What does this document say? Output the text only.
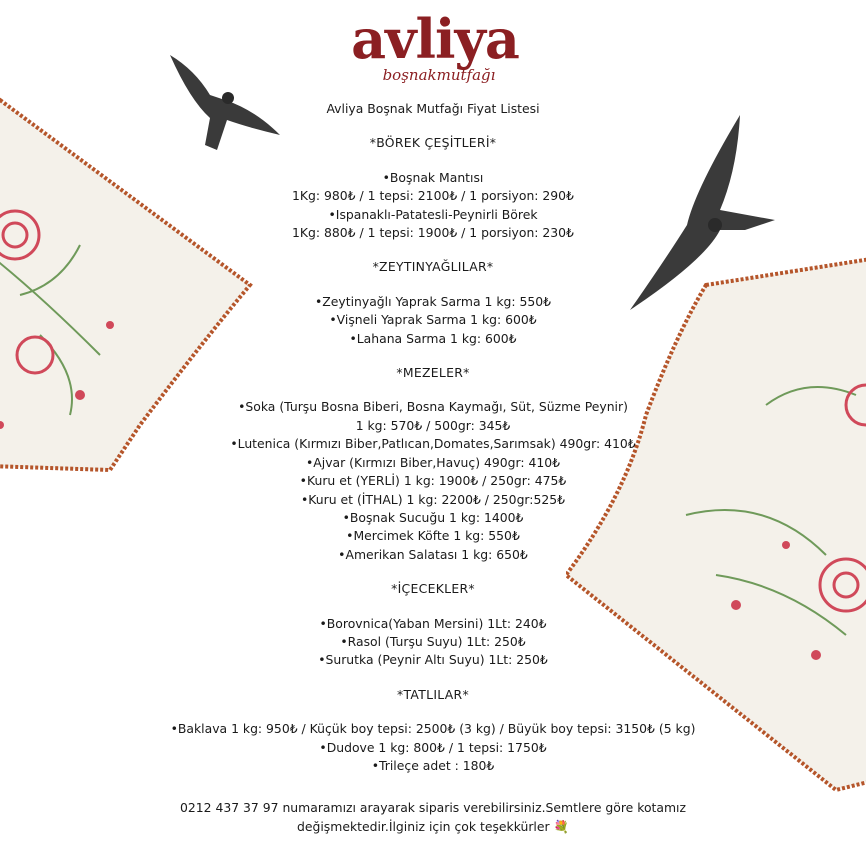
avliya
boşnakmutfağı
Avliya Boşnak Mutfağı Fiyat Listesi
*BÖREK ÇEŞİTLERİ*
•Boşnak Mantısı
1Kg: 980₺ / 1 tepsi: 2100₺ / 1 porsiyon: 290₺
•Ispanaklı-Patatesli-Peynirli Börek
1Kg: 880₺ / 1 tepsi: 1900₺ / 1 porsiyon: 230₺
*ZEYTINYAĞLILAR*
•Zeytinyağlı Yaprak Sarma 1 kg: 550₺
•Vişneli Yaprak Sarma 1 kg: 600₺
•Lahana Sarma 1 kg: 600₺
*MEZELER*
•Soka (Turşu Bosna Biberi, Bosna Kaymağı, Süt, Süzme Peynir)
1 kg: 570₺ / 500gr: 345₺
•Lutenica (Kırmızı Biber,Patlıcan,Domates,Sarımsak) 490gr: 410₺
•Ajvar (Kırmızı Biber,Havuç) 490gr: 410₺
•Kuru et (YERLİ) 1 kg: 1900₺ / 250gr: 475₺
•Kuru et (İTHAL) 1 kg: 2200₺ / 250gr:525₺
•Boşnak Sucuğu 1 kg: 1400₺
•Mercimek Köfte 1 kg: 550₺
•Amerikan Salatası 1 kg: 650₺
*İÇECEKLER*
•Borovnica(Yaban Mersini) 1Lt: 240₺
•Rasol (Turşu Suyu) 1Lt: 250₺
•Surutka (Peynir Altı Suyu) 1Lt: 250₺
*TATLILAR*
•Baklava 1 kg: 950₺ / Küçük boy tepsi: 2500₺ (3 kg) / Büyük boy tepsi: 3150₺ (5 kg)
•Dudove 1 kg: 800₺ / 1 tepsi: 1750₺
•Trileçe adet : 180₺
0212 437 37 97 numaramızı arayarak siparis verebilirsiniz.Semtlere göre kotamız
değişmektedir.İlginiz için çok teşekkürler 💐
